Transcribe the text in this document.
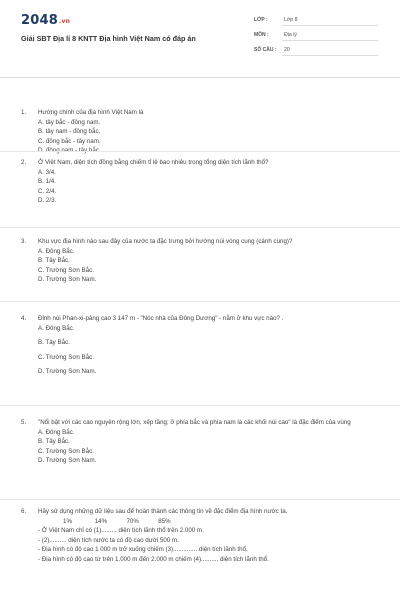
2048.vn
Giải SBT Địa lí 8 KNTT Địa hình Việt Nam có đáp án
LỚP :	Lớp 8
MÔN :	Địa lý
SỐ CÂU : 20
1. Hướng chính của địa hình Việt Nam là
A. tây bắc - đông nam.
B. tây nam - đông bắc.
C. đông bắc - tây nam.
D. đông nam - tây bắc.
2. Ở Việt Nam, diện tích đồng bằng chiếm tỉ lệ bao nhiêu trong tổng diện tích lãnh thổ?
A. 3/4.
B. 1/4.
C. 2/4.
D. 2/3.
3. Khu vực địa hình nào sau đây của nước ta đặc trưng bởi hướng núi vòng cung (cánh cung)?
A. Đông Bắc.
B. Tây Bắc.
C. Trường Sơn Bắc.
D. Trường Sơn Nam.
4. Đỉnh núi Phan-xi-păng cao 3 147 m - "Nóc nhà của Đông Dương" - nằm ở khu vực nào? .
A. Đông Bắc.
B. Tây Bắc.
C. Trường Sơn Bắc.
D. Trường Sơn Nam.
5. "Nổi bật với các cao nguyên rộng lớn, xếp tầng; ở phía bắc và phía nam là các khối núi cao" là đặc điểm của vùng
A. Đông Bắc.
B. Tây Bắc.
C. Trường Sơn Bắc.
D. Trường Sơn Nam.
6. Hãy sử dụng những dữ liệu sau để hoàn thành các thông tin về đặc điểm địa hình nước ta.
1%	14%	70%	85%
- Ở Việt Nam chỉ có (1)......... diện tích lãnh thổ trên 2.000 m.
- (2).......... diện tích nước ta có độ cao dưới 500 m.
- Địa hình có độ cao 1 000 m trở xuống chiếm (3).............. diện tích lãnh thổ.
- Địa hình có độ cao từ trên 1.000 m đến 2.000 m chiếm (4).......... diện tích lãnh thổ.
